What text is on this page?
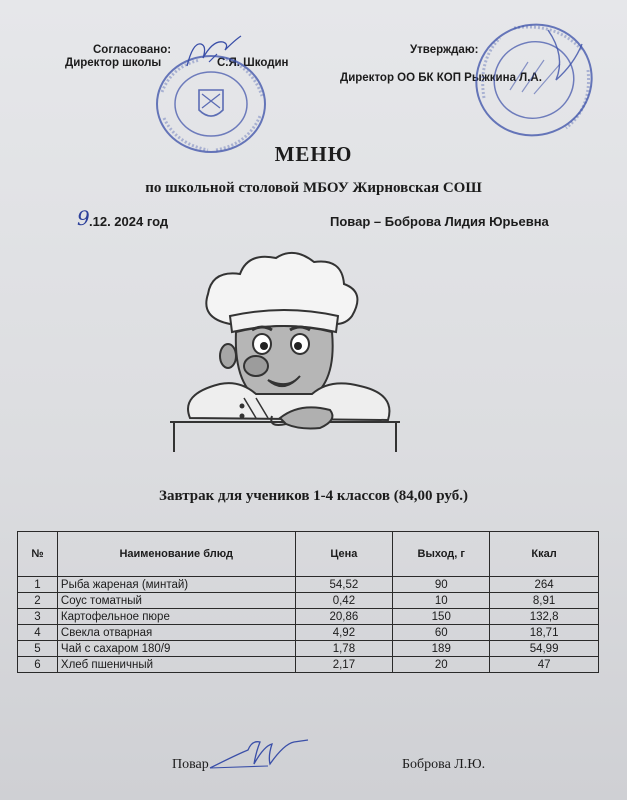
Согласовано:
Директор школы	С.Я. Шкодин
Утверждаю:
Директор ОО БК КОП Рыжкина Л.А.
МЕНЮ
по школьной столовой МБОУ Жирновская СОШ
9 .12. 2024 год	Повар – Боброва Лидия Юрьевна
Завтрак для учеников 1-4 классов (84,00 руб.)
№	Наименование блюд	Цена	Выход, г	Ккал
1	Рыба жареная (минтай)	54,52	90	264
2	Соус томатный	0,42	10	8,91
3	Картофельное пюре	20,86	150	132,8
4	Свекла отварная	4,92	60	18,71
5	Чай с сахаром 180/9	1,78	189	54,99
6	Хлеб пшеничный	2,17	20	47
Повар	Боброва Л.Ю.
